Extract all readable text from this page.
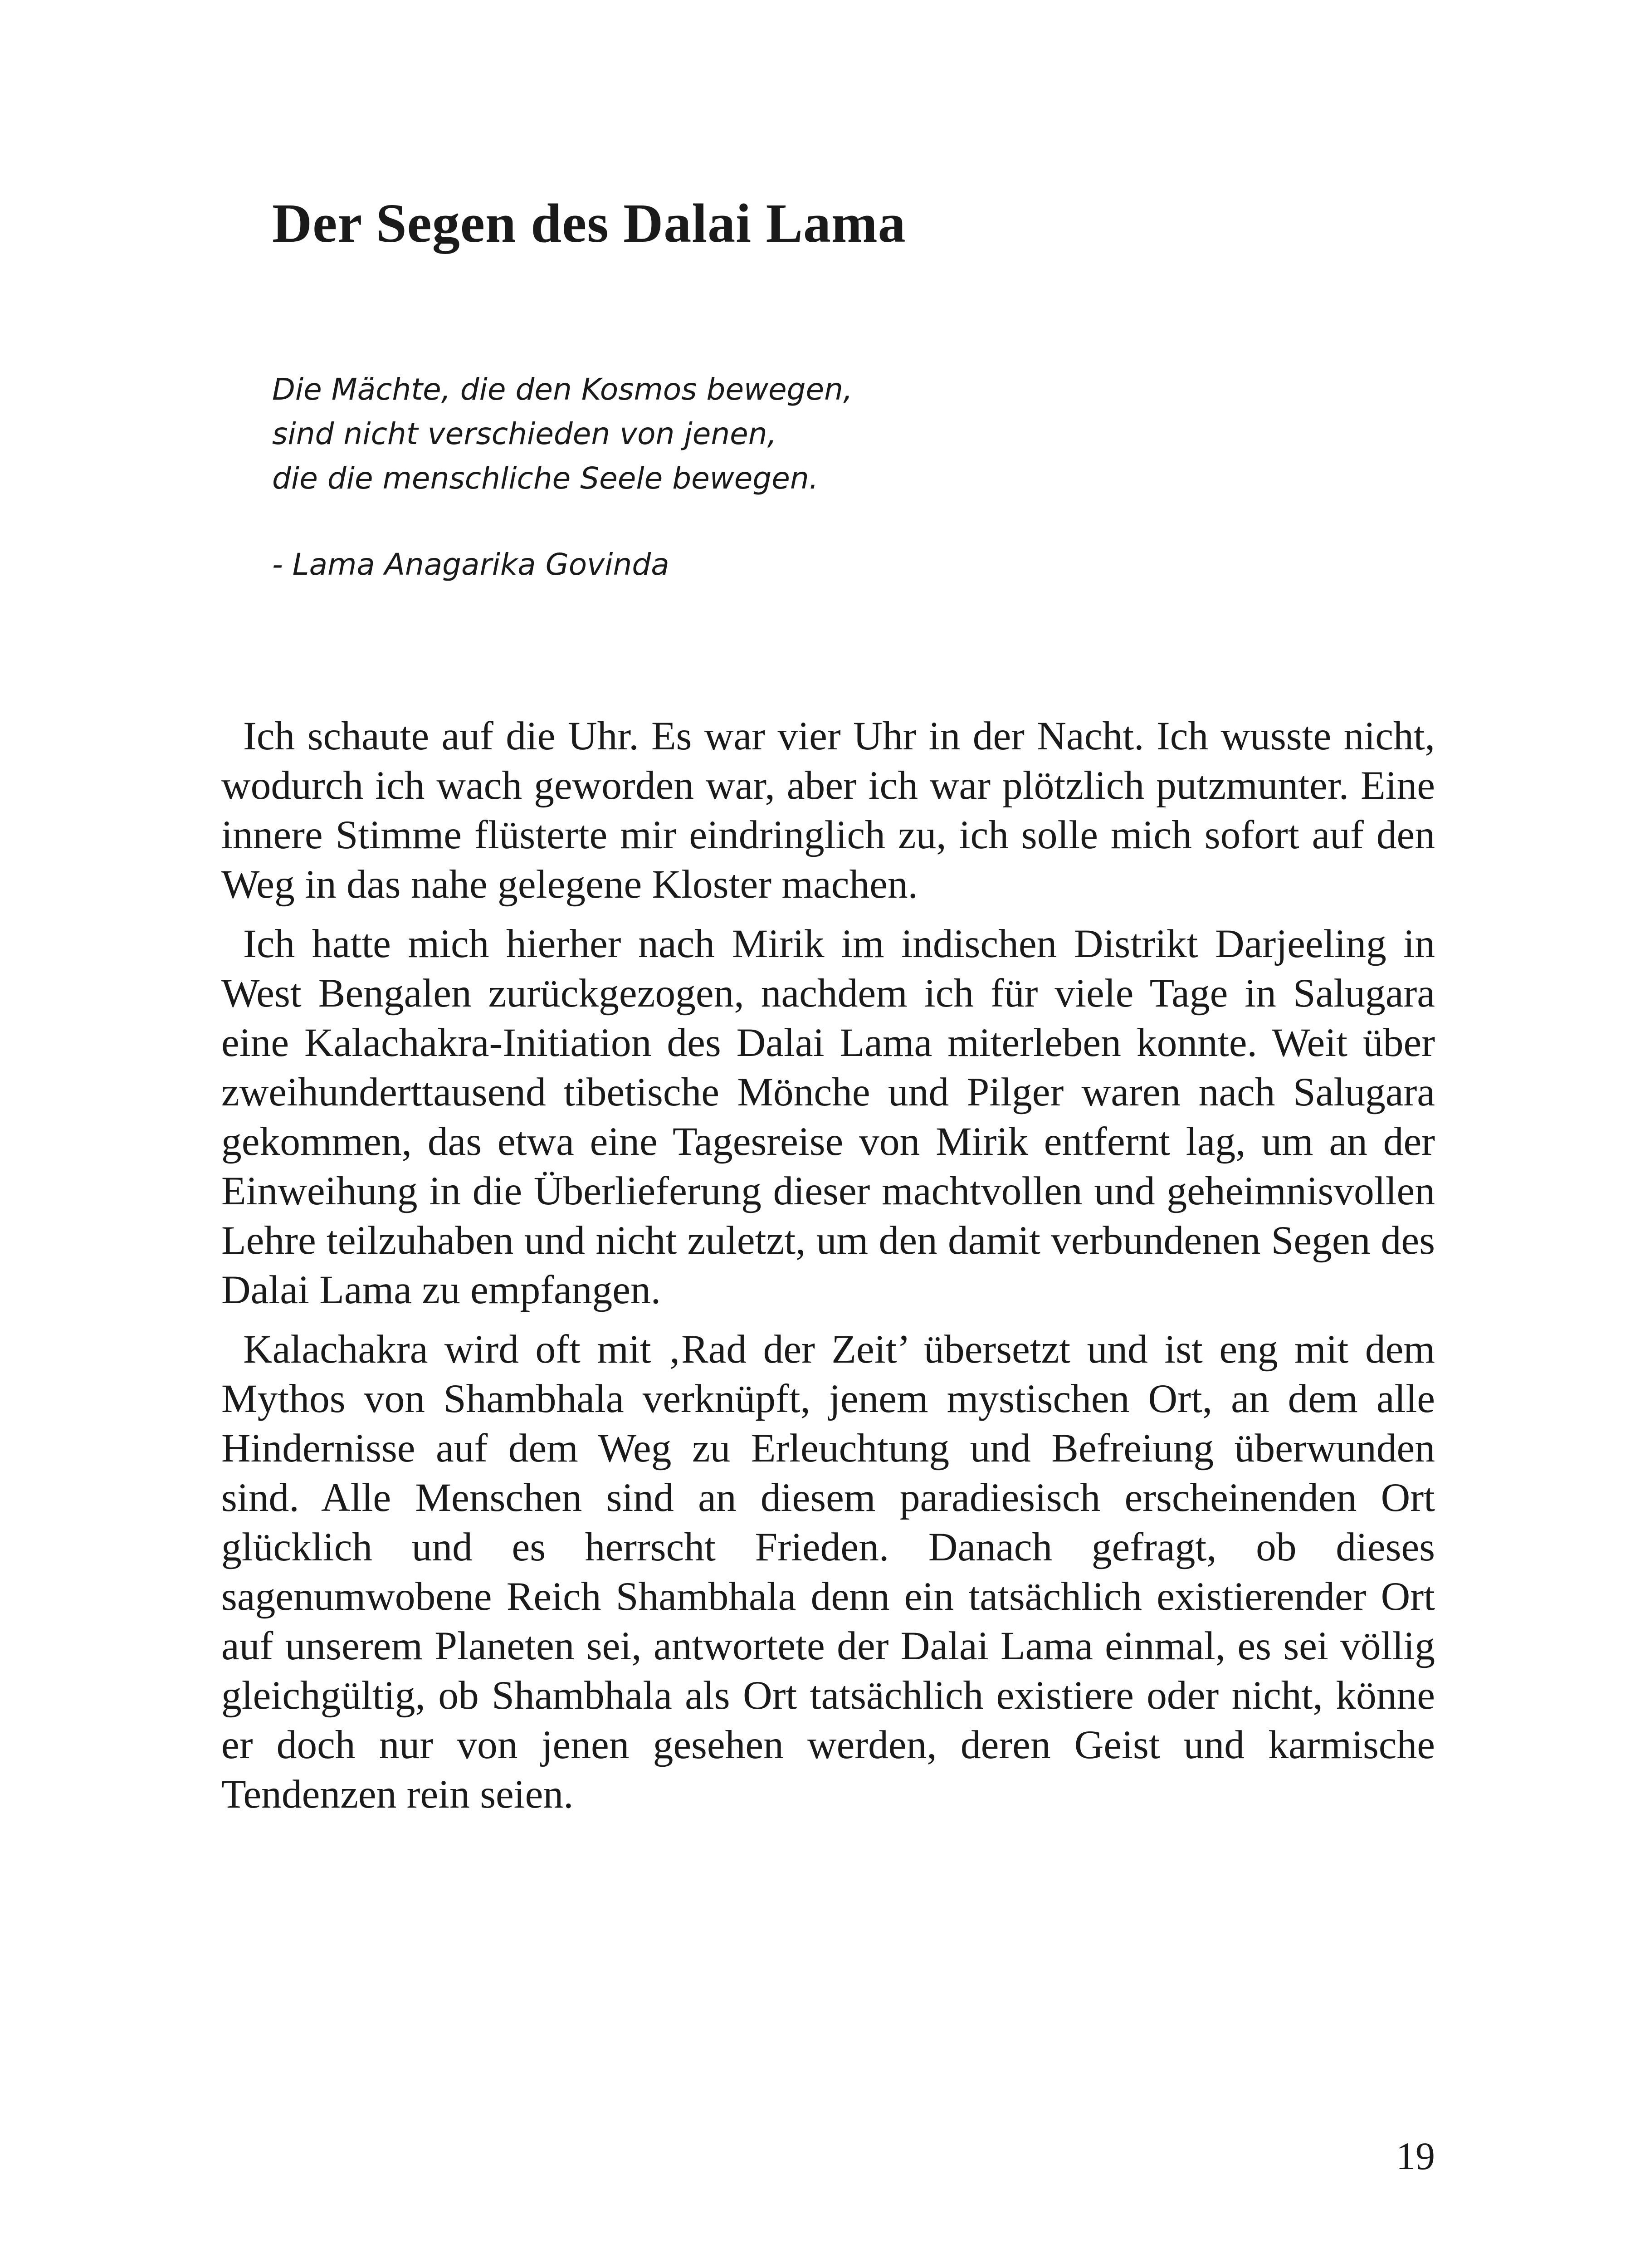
Der Segen des Dalai Lama
Die Mächte, die den Kosmos bewegen,
sind nicht verschieden von jenen,
die die menschliche Seele bewegen.
- Lama Anagarika Govinda

Ich schaute auf die Uhr. Es war vier Uhr in der Nacht. Ich wusste nicht, wodurch ich wach geworden war, aber ich war plötzlich putzmunter. Eine innere Stimme flüsterte mir eindringlich zu, ich solle mich sofort auf den Weg in das nahe gelegene Kloster machen.

Ich hatte mich hierher nach Mirik im indischen Distrikt Darjeeling in West Bengalen zurückgezogen, nachdem ich für viele Tage in Salugara eine Kalachakra-Initiation des Dalai Lama miterleben konnte. Weit über zweihunderttausend tibetische Mönche und Pilger waren nach Salugara gekommen, das etwa eine Tagesreise von Mirik entfernt lag, um an der Einweihung in die Überlieferung dieser machtvollen und geheimnisvollen Lehre teilzuhaben und nicht zuletzt, um den damit verbundenen Segen des Dalai Lama zu empfangen.

Kalachakra wird oft mit ‚Rad der Zeit’ übersetzt und ist eng mit dem Mythos von Shambhala verknüpft, jenem mystischen Ort, an dem alle Hindernisse auf dem Weg zu Erleuchtung und Befreiung überwunden sind. Alle Menschen sind an diesem paradiesisch erscheinenden Ort glücklich und es herrscht Frieden. Danach gefragt, ob dieses sagenumwobene Reich Shambhala denn ein tatsächlich existierender Ort auf unserem Planeten sei, antwortete der Dalai Lama einmal, es sei völlig gleichgültig, ob Shambhala als Ort tatsächlich existiere oder nicht, könne er doch nur von jenen gesehen werden, deren Geist und karmische Tendenzen rein seien.

19
